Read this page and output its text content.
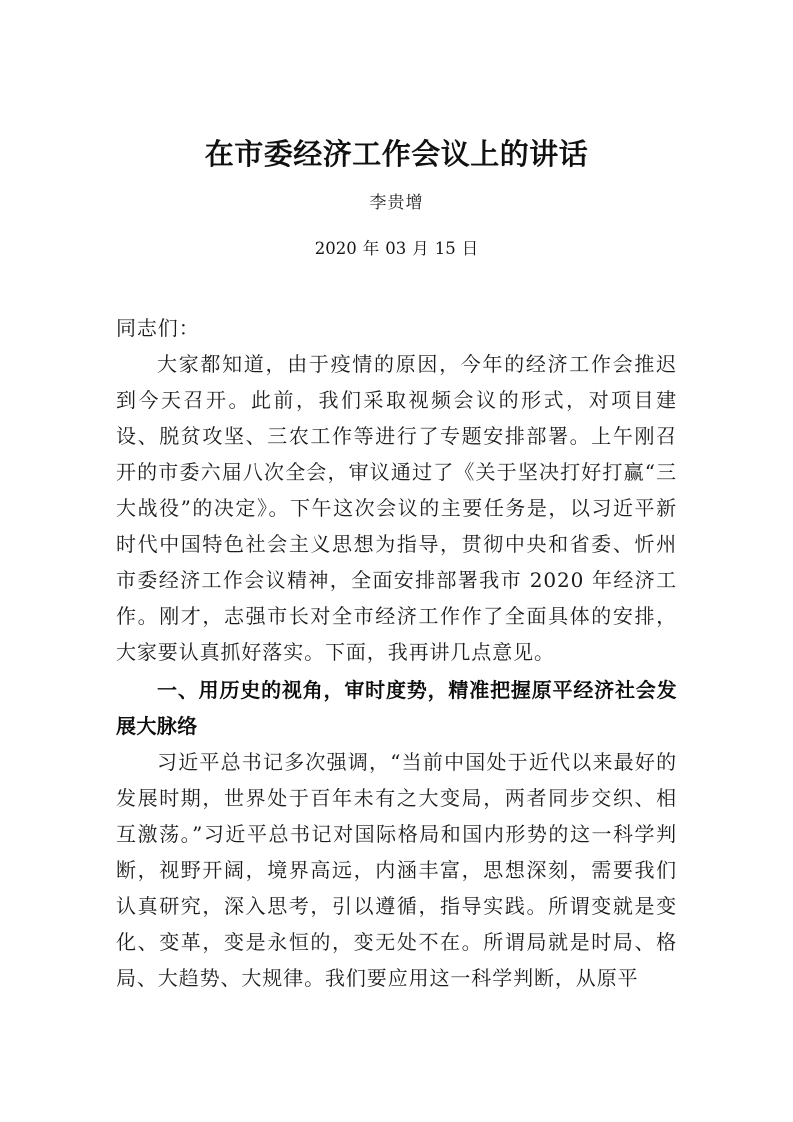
在市委经济工作会议上的讲话

李贵增

2020 年 03 月 15 日

同志们：

大家都知道，由于疫情的原因，今年的经济工作会推迟到今天召开。此前，我们采取视频会议的形式，对项目建设、脱贫攻坚、三农工作等进行了专题安排部署。上午刚召开的市委六届八次全会，审议通过了《关于坚决打好打赢“三大战役”的决定》。下午这次会议的主要任务是，以习近平新时代中国特色社会主义思想为指导，贯彻中央和省委、忻州市委经济工作会议精神，全面安排部署我市 2020 年经济工作。刚才，志强市长对全市经济工作作了全面具体的安排，大家要认真抓好落实。下面，我再讲几点意见。

一、用历史的视角，审时度势，精准把握原平经济社会发展大脉络

习近平总书记多次强调，“当前中国处于近代以来最好的发展时期，世界处于百年未有之大变局，两者同步交织、相互激荡。”习近平总书记对国际格局和国内形势的这一科学判断，视野开阔，境界高远，内涵丰富，思想深刻，需要我们认真研究，深入思考，引以遵循，指导实践。所谓变就是变化、变革，变是永恒的，变无处不在。所谓局就是时局、格局、大趋势、大规律。我们要应用这一科学判断，从原平
